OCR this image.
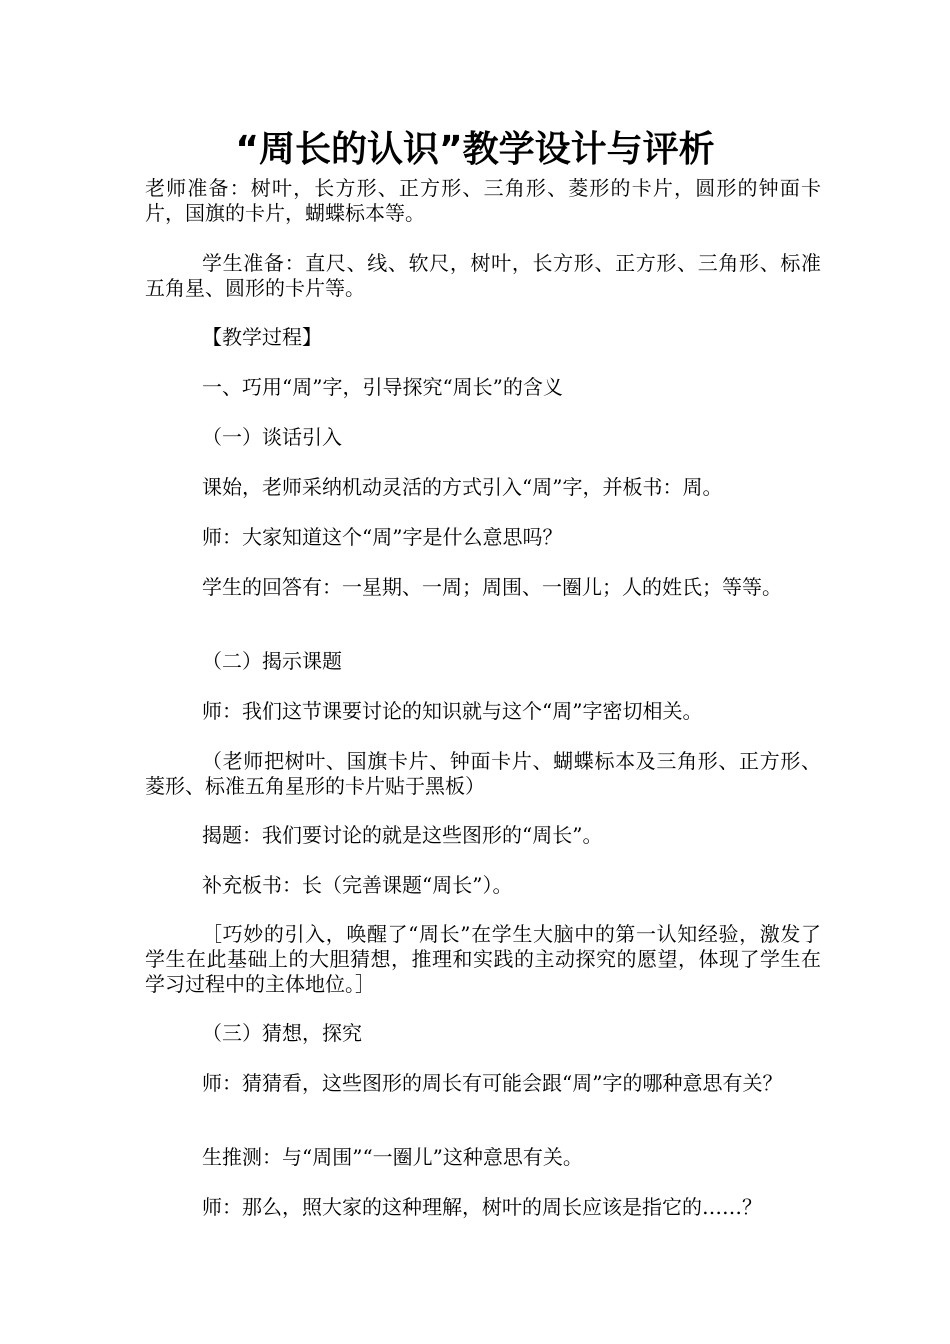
“周长的认识”教学设计与评析

老师准备：树叶，长方形、正方形、三角形、菱形的卡片，圆形的钟面卡片，国旗的卡片，蝴蝶标本等。

学生准备：直尺、线、软尺，树叶，长方形、正方形、三角形、标准五角星、圆形的卡片等。

【教学过程】

一、巧用“周”字，引导探究“周长”的含义

（一）谈话引入

课始，老师采纳机动灵活的方式引入“周”字，并板书：周。

师：大家知道这个“周”字是什么意思吗？

学生的回答有：一星期、一周；周围、一圈儿；人的姓氏；等等。

（二）揭示课题

师：我们这节课要讨论的知识就与这个“周”字密切相关。

（老师把树叶、国旗卡片、钟面卡片、蝴蝶标本及三角形、正方形、菱形、标准五角星形的卡片贴于黑板）

揭题：我们要讨论的就是这些图形的“周长”。

补充板书：长（完善课题“周长”）。

［巧妙的引入，唤醒了“周长”在学生大脑中的第一认知经验，激发了学生在此基础上的大胆猜想，推理和实践的主动探究的愿望，体现了学生在学习过程中的主体地位。］

（三）猜想，探究

师：猜猜看，这些图形的周长有可能会跟“周”字的哪种意思有关？

生推测：与“周围”“一圈儿”这种意思有关。

师：那么，照大家的这种理解，树叶的周长应该是指它的……？
